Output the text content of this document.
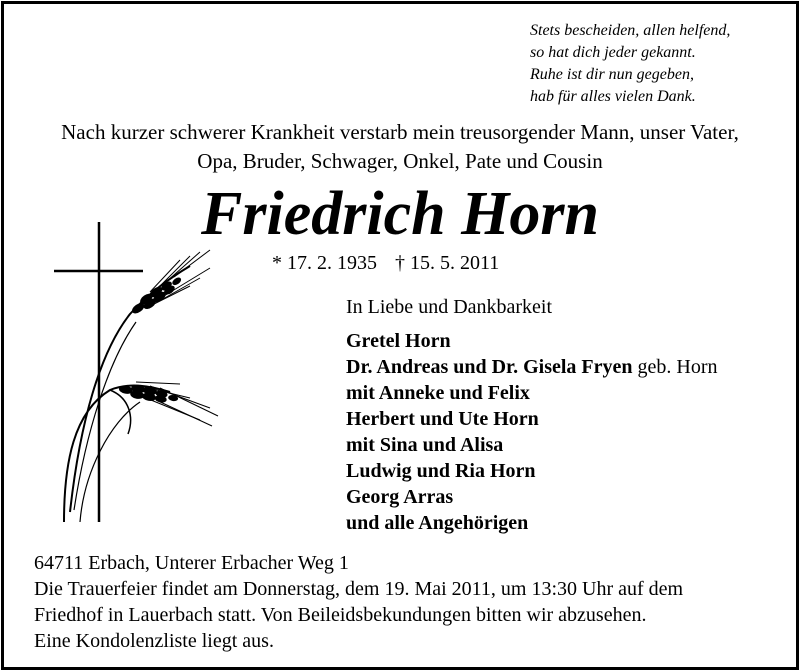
Stets bescheiden, allen helfend,
so hat dich jeder gekannt.
Ruhe ist dir nun gegeben,
hab für alles vielen Dank.
Nach kurzer schwerer Krankheit verstarb mein treusorgender Mann, unser Vater,
Opa, Bruder, Schwager, Onkel, Pate und Cousin
Friedrich Horn
* 17. 2. 1935 † 15. 5. 2011
In Liebe und Dankbarkeit
Gretel Horn
Dr. Andreas und Dr. Gisela Fryen geb. Horn
mit Anneke und Felix
Herbert und Ute Horn
mit Sina und Alisa
Ludwig und Ria Horn
Georg Arras
und alle Angehörigen
64711 Erbach, Unterer Erbacher Weg 1
Die Trauerfeier findet am Donnerstag, dem 19. Mai 2011, um 13:30 Uhr auf dem
Friedhof in Lauerbach statt. Von Beileidsbekundungen bitten wir abzusehen.
Eine Kondolenzliste liegt aus.
